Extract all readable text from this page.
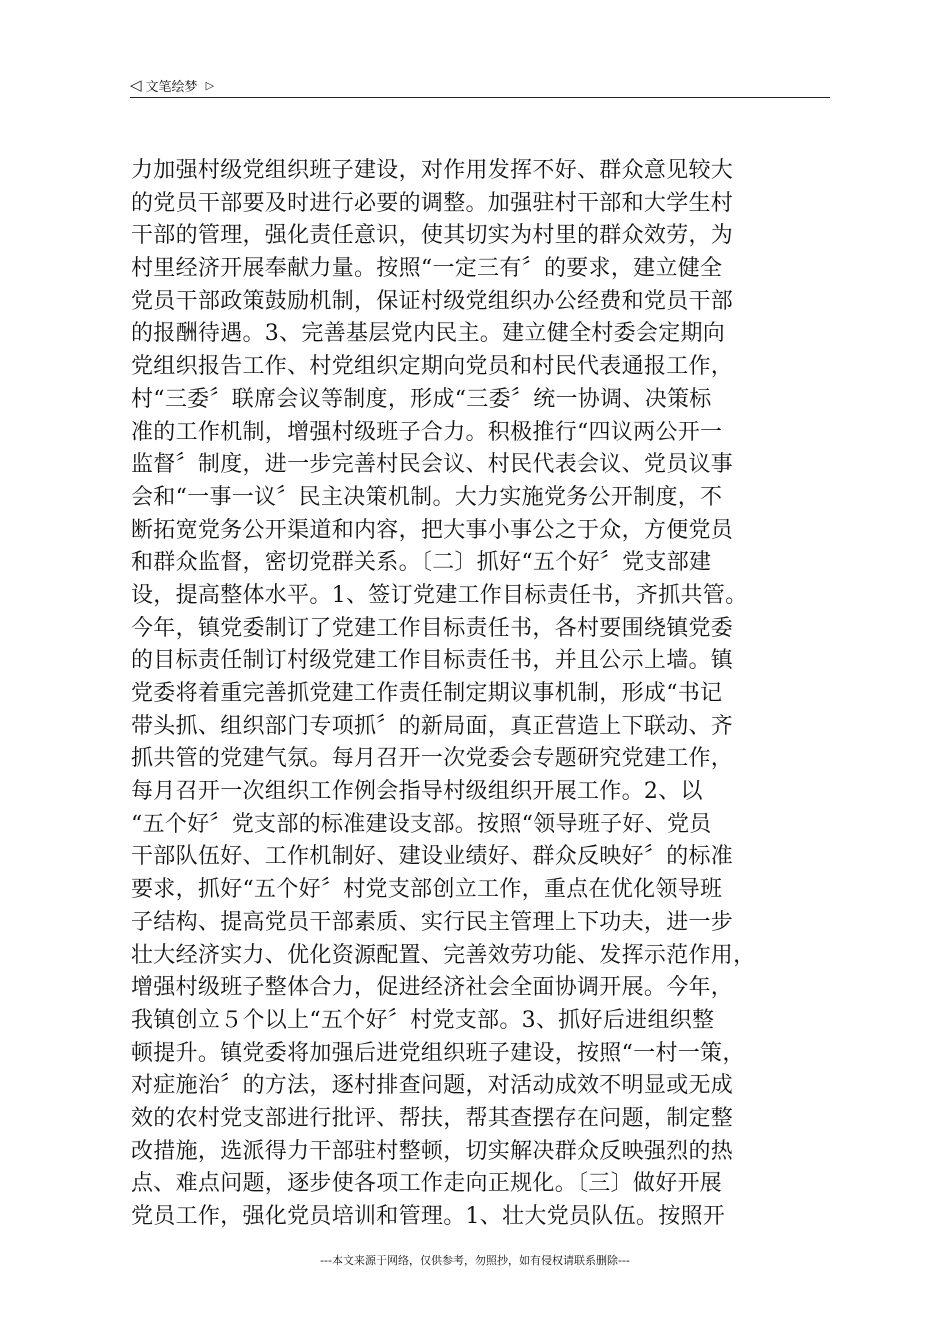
◁ 文笔绘梦 ▷
力加强村级党组织班子建设，对作用发挥不好、群众意见较大
的党员干部要及时进行必要的调整。加强驻村干部和大学生村
干部的管理，强化责任意识，使其切实为村里的群众效劳，为
村里经济开展奉献力量。按照“一定三有〞的要求，建立健全
党员干部政策鼓励机制，保证村级党组织办公经费和党员干部
的报酬待遇。3、完善基层党内民主。建立健全村委会定期向
党组织报告工作、村党组织定期向党员和村民代表通报工作，
村“三委〞联席会议等制度，形成“三委〞统一协调、决策标
准的工作机制，增强村级班子合力。积极推行“四议两公开一
监督〞制度，进一步完善村民会议、村民代表会议、党员议事
会和“一事一议〞民主决策机制。大力实施党务公开制度，不
断拓宽党务公开渠道和内容，把大事小事公之于众，方便党员
和群众监督，密切党群关系。〔二〕抓好“五个好〞党支部建
设，提高整体水平。1、签订党建工作目标责任书，齐抓共管。
今年，镇党委制订了党建工作目标责任书，各村要围绕镇党委
的目标责任制订村级党建工作目标责任书，并且公示上墙。镇
党委将着重完善抓党建工作责任制定期议事机制，形成“书记
带头抓、组织部门专项抓〞的新局面，真正营造上下联动、齐
抓共管的党建气氛。每月召开一次党委会专题研究党建工作，
每月召开一次组织工作例会指导村级组织开展工作。2、以
“五个好〞党支部的标准建设支部。按照“领导班子好、党员
干部队伍好、工作机制好、建设业绩好、群众反映好〞的标准
要求，抓好“五个好〞村党支部创立工作，重点在优化领导班
子结构、提高党员干部素质、实行民主管理上下功夫，进一步
壮大经济实力、优化资源配置、完善效劳功能、发挥示范作用，
增强村级班子整体合力，促进经济社会全面协调开展。今年，
我镇创立５个以上“五个好〞村党支部。3、抓好后进组织整
顿提升。镇党委将加强后进党组织班子建设，按照“一村一策，
对症施治〞的方法，逐村排查问题，对活动成效不明显或无成
效的农村党支部进行批评、帮扶，帮其查摆存在问题，制定整
改措施，选派得力干部驻村整顿，切实解决群众反映强烈的热
点、难点问题，逐步使各项工作走向正规化。〔三〕做好开展
党员工作，强化党员培训和管理。1、壮大党员队伍。按照开
---本文来源于网络，仅供参考，勿照抄，如有侵权请联系删除---
